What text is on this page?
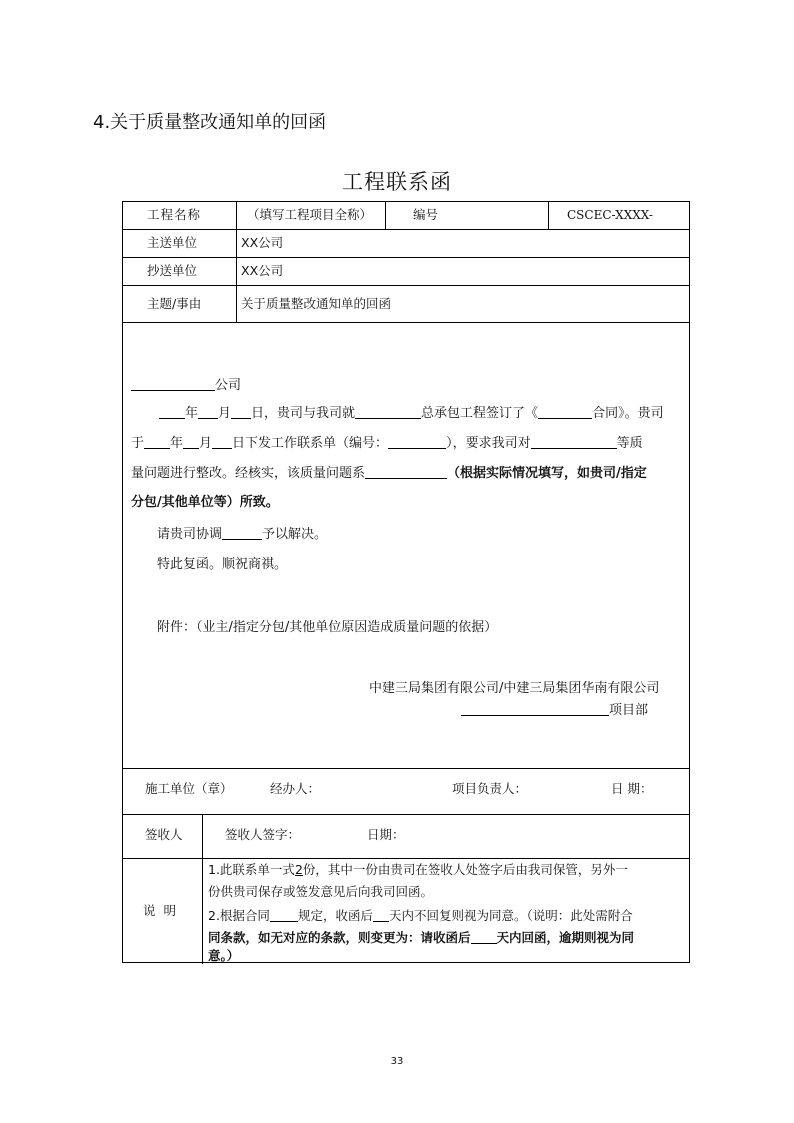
4.关于质量整改通知单的回函
工程联系函
工程名称	（填写工程项目全称）	编号	CSCEC-XXXX-
主送单位	XX公司
抄送单位	XX公司
主题/事由	关于质量整改通知单的回函
公司
年 月 日，贵司与我司就	总承包工程签订了《	合同》。贵司
于 年 月 日下发工作联系单（编号：	），要求我司对	等质
量问题进行整改。经核实，该质量问题系	（根据实际情况填写，如贵司/指定
分包/其他单位等）所致。
请贵司协调	予以解决。
特此复函。顺祝商祺。
附件：（业主/指定分包/其他单位原因造成质量问题的依据）
中建三局集团有限公司/中建三局集团华南有限公司
项目部
施工单位（章）	经办人：	项目负责人：	日 期：
签收人	签收人签字：	日期：
说 明
1.此联系单一式2份，其中一份由贵司在签收人处签字后由我司保管，另外一
份供贵司保存或签发意见后向我司回函。
2.根据合同 规定，收函后 天内不回复则视为同意。（说明：此处需附合
同条款，如无对应的条款，则变更为：请收函后 天内回函，逾期则视为同
意。）
33
